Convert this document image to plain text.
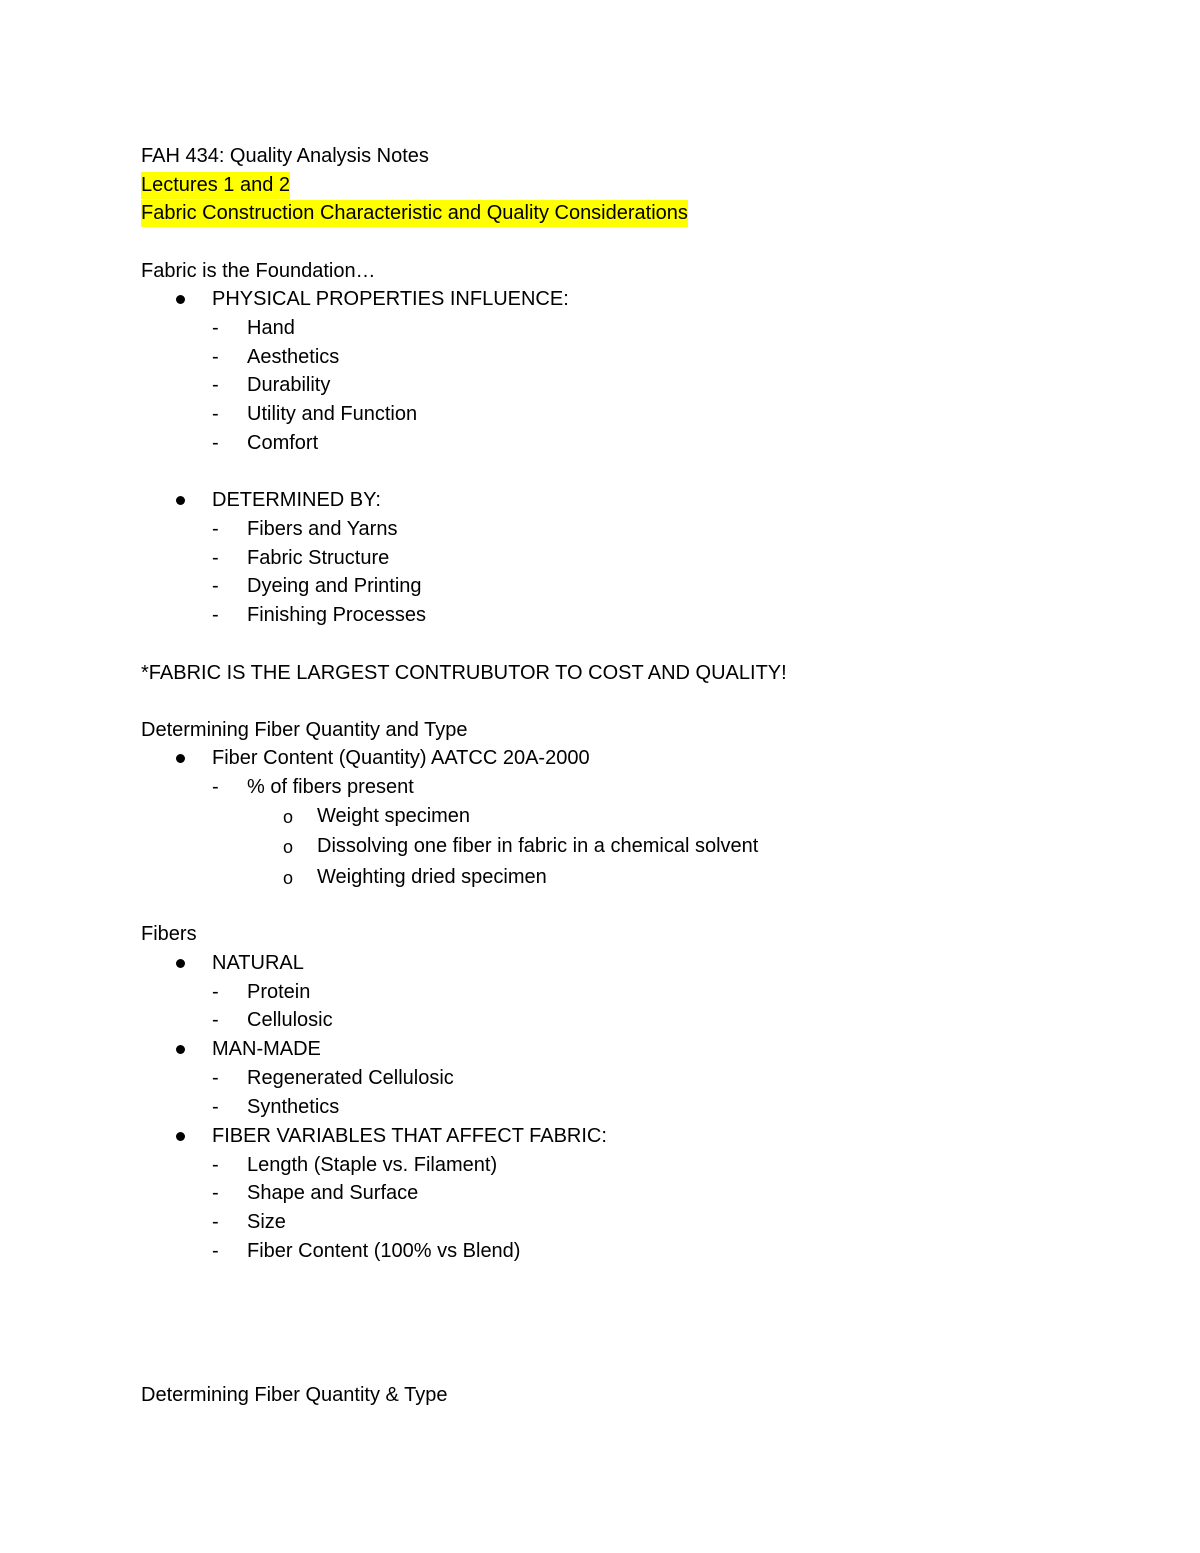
FAH 434: Quality Analysis Notes
Lectures 1 and 2
Fabric Construction Characteristic and Quality Considerations
Fabric is the Foundation…
PHYSICAL PROPERTIES INFLUENCE:
- Hand
- Aesthetics
- Durability
- Utility and Function
- Comfort
DETERMINED BY:
- Fibers and Yarns
- Fabric Structure
- Dyeing and Printing
- Finishing Processes
*FABRIC IS THE LARGEST CONTRUBUTOR TO COST AND QUALITY!
Determining Fiber Quantity and Type
Fiber Content (Quantity) AATCC 20A-2000
- % of fibers present
o Weight specimen
o Dissolving one fiber in fabric in a chemical solvent
o Weighting dried specimen
Fibers
NATURAL
- Protein
- Cellulosic
MAN-MADE
- Regenerated Cellulosic
- Synthetics
FIBER VARIABLES THAT AFFECT FABRIC:
- Length (Staple vs. Filament)
- Shape and Surface
- Size
- Fiber Content (100% vs Blend)
Determining Fiber Quantity & Type
